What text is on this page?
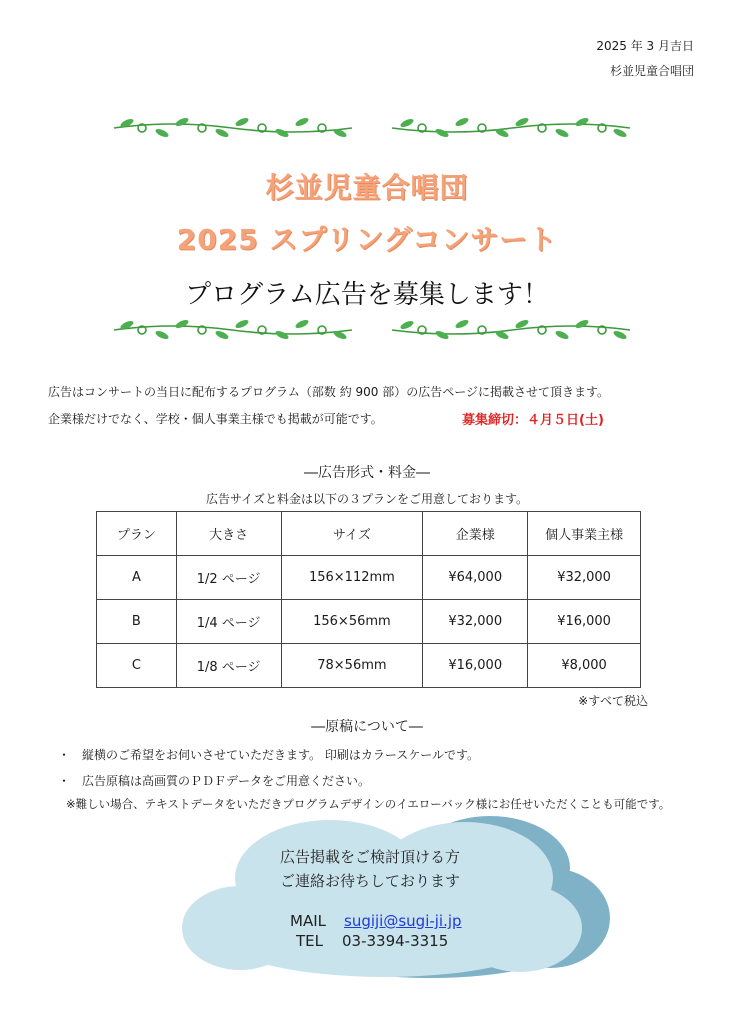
2025 年 3 月吉日
杉並児童合唱団
杉並児童合唱団
2025 スプリングコンサート
プログラム広告を募集します！
広告はコンサートの当日に配布するプログラム（部数 約 900 部）の広告ページに掲載させて頂きます。
企業様だけでなく、学校・個人事業主様でも掲載が可能です。	募集締切：４月５日(土)
―広告形式・料金―
広告サイズと料金は以下の３プランをご用意しております。
プラン	大きさ	サイズ	企業様	個人事業主様
A	1/2 ページ	156×112mm	¥64,000	¥32,000
B	1/4 ページ	156×56mm	¥32,000	¥16,000
C	1/8 ページ	78×56mm	¥16,000	¥8,000
※すべて税込
―原稿について―
・ 縦横のご希望をお伺いさせていただきます。 印刷はカラースケールです。
・ 広告原稿は高画質のＰＤＦデータをご用意ください。
※難しい場合、テキストデータをいただきプログラムデザインのイエローバック様にお任せいただくことも可能です。
広告掲載をご検討頂ける方
ご連絡お待ちしております
MAIL sugiji@sugi-ji.jp
TEL 03-3394-3315
